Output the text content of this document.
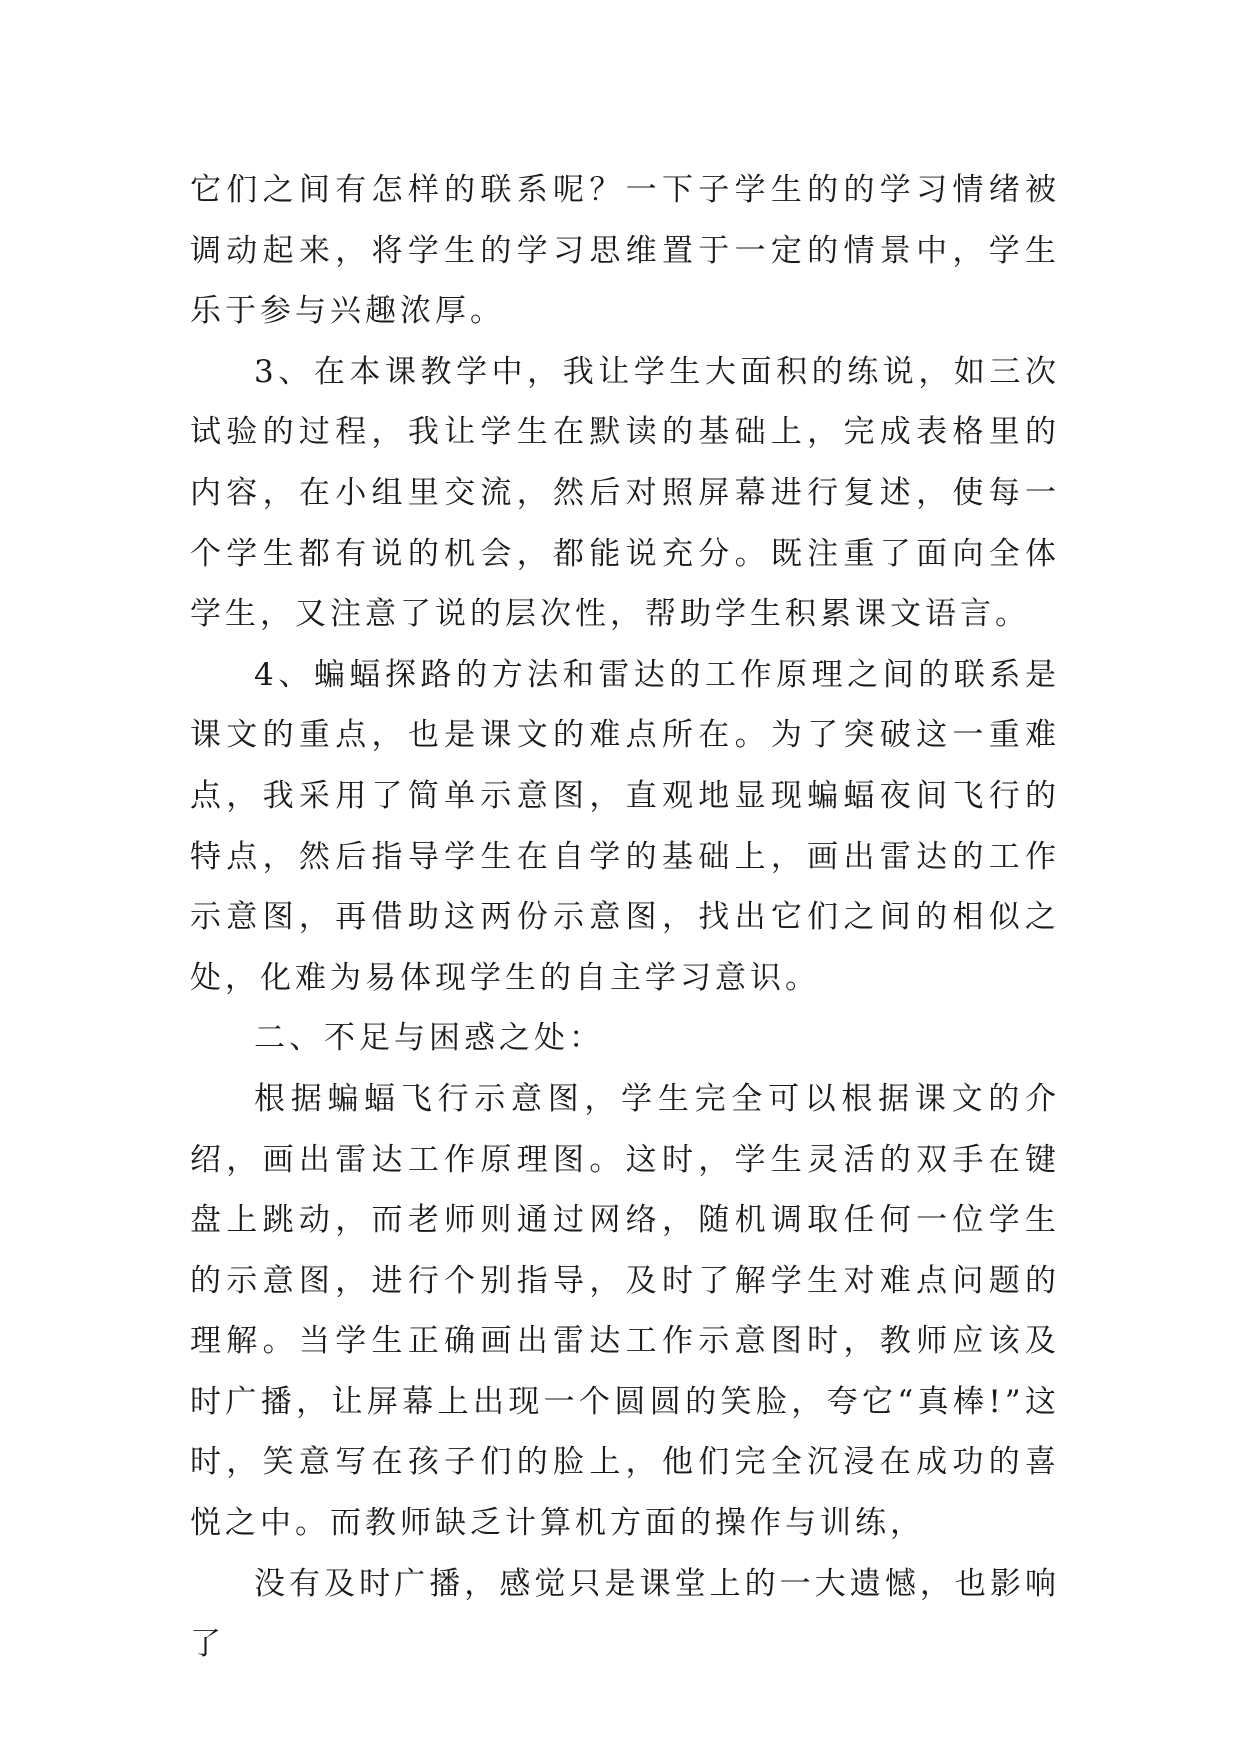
它们之间有怎样的联系呢？一下子学生的的学习情绪被调动起来，将学生的学习思维置于一定的情景中，学生乐于参与兴趣浓厚。

3、在本课教学中，我让学生大面积的练说，如三次试验的过程，我让学生在默读的基础上，完成表格里的内容，在小组里交流，然后对照屏幕进行复述，使每一个学生都有说的机会，都能说充分。既注重了面向全体学生，又注意了说的层次性，帮助学生积累课文语言。

4、蝙蝠探路的方法和雷达的工作原理之间的联系是课文的重点，也是课文的难点所在。为了突破这一重难点，我采用了简单示意图，直观地显现蝙蝠夜间飞行的特点，然后指导学生在自学的基础上，画出雷达的工作示意图，再借助这两份示意图，找出它们之间的相似之处，化难为易体现学生的自主学习意识。

二、不足与困惑之处：

根据蝙蝠飞行示意图，学生完全可以根据课文的介绍，画出雷达工作原理图。这时，学生灵活的双手在键盘上跳动，而老师则通过网络，随机调取任何一位学生的示意图，进行个别指导，及时了解学生对难点问题的理解。当学生正确画出雷达工作示意图时，教师应该及时广播，让屏幕上出现一个圆圆的笑脸，夸它“真棒!”这时，笑意写在孩子们的脸上，他们完全沉浸在成功的喜悦之中。而教师缺乏计算机方面的操作与训练，

没有及时广播，感觉只是课堂上的一大遗憾，也影响了
